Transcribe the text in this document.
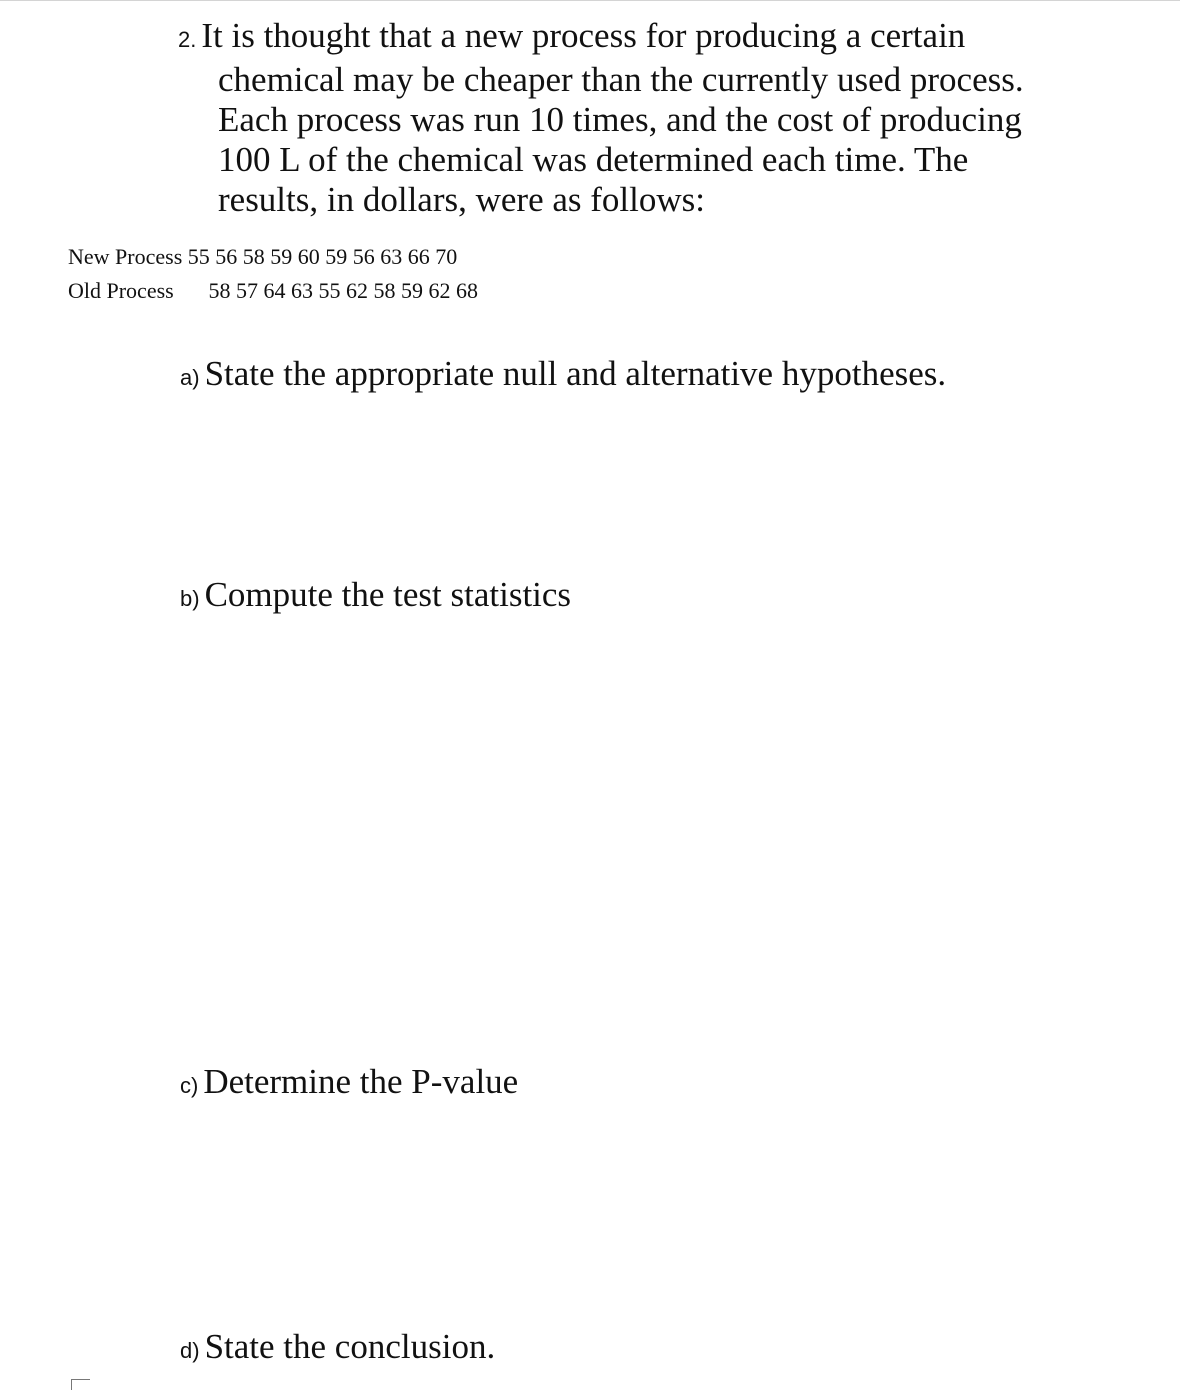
2. It is thought that a new process for producing a certain
chemical may be cheaper than the currently used process.
Each process was run 10 times, and the cost of producing
100 L of the chemical was determined each time. The
results, in dollars, were as follows:
New Process 55 56 58 59 60 59 56 63 66 70
Old Process 58 57 64 63 55 62 58 59 62 68
a) State the appropriate null and alternative hypotheses.
b) Compute the test statistics
c) Determine the P-value
d) State the conclusion.
